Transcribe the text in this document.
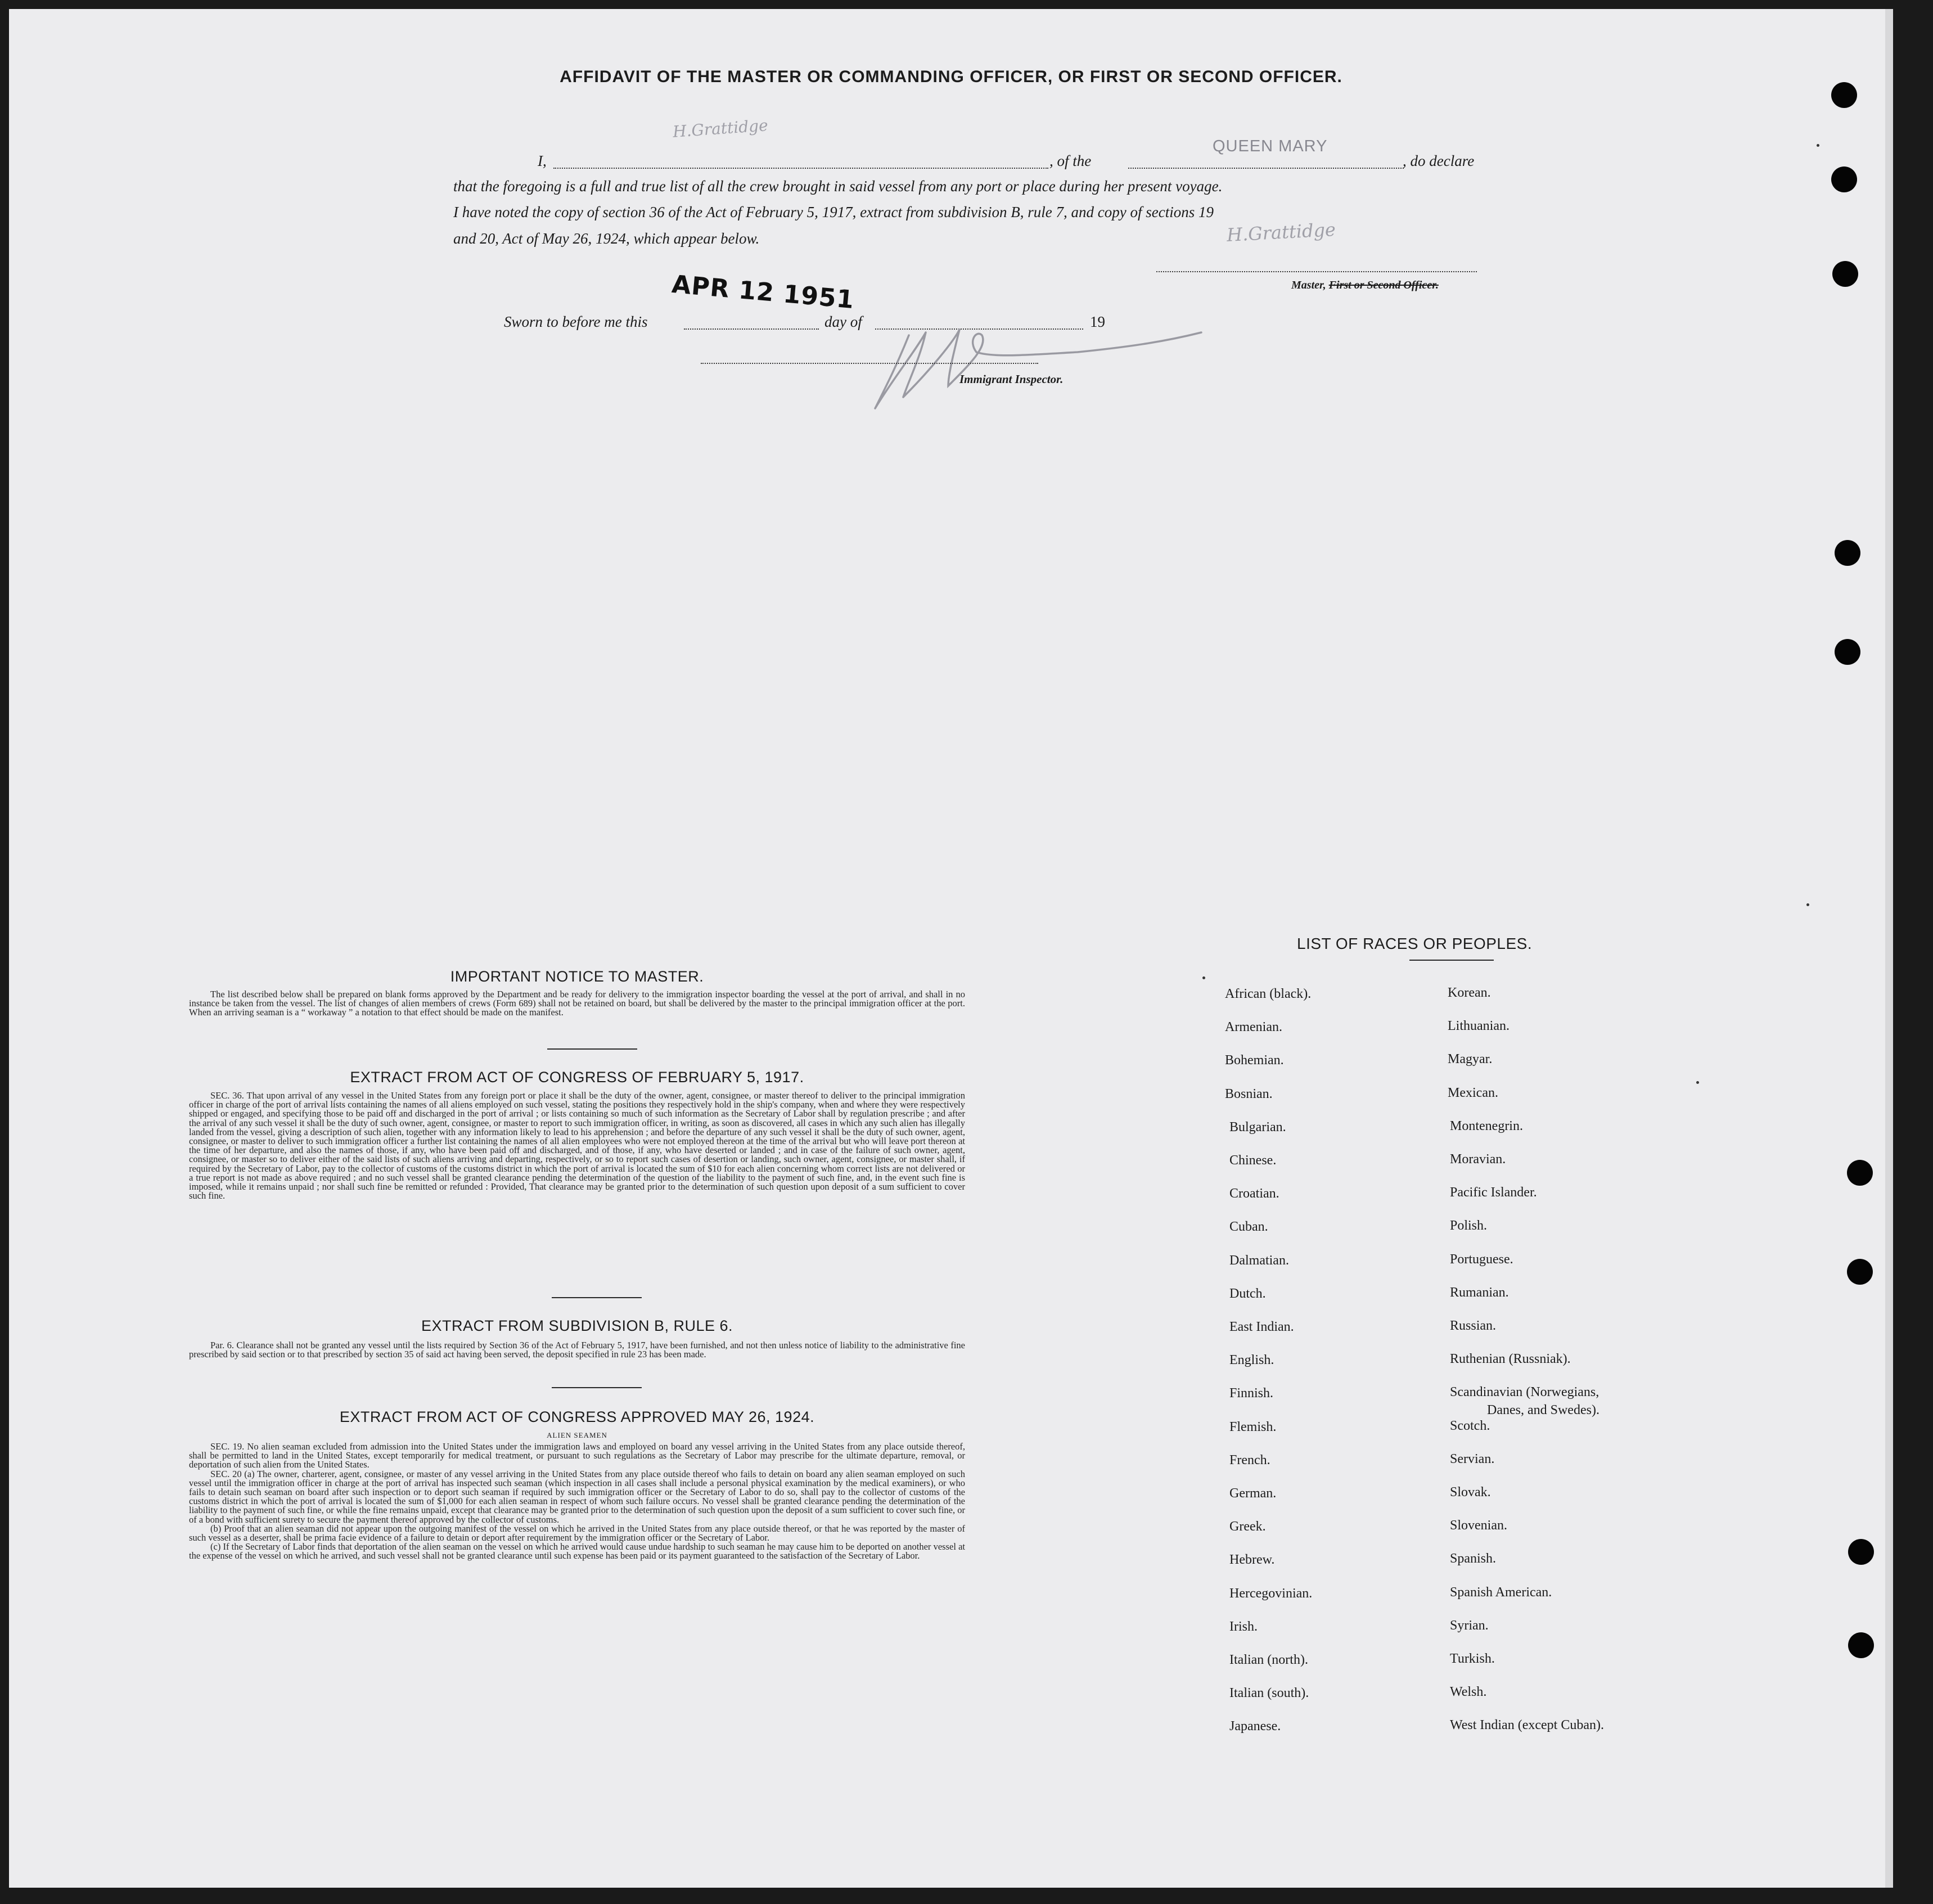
AFFIDAVIT OF THE MASTER OR COMMANDING OFFICER, OR FIRST OR SECOND OFFICER.
I,
H.Grattidge
, of the
QUEEN MARY
, do declare
that the foregoing is a full and true list of all the crew brought in said vessel from any port or place during her present voyage.
I have noted the copy of section 36 of the Act of February 5, 1917, extract from subdivision B, rule 7, and copy of sections 19
and 20, Act of May 26, 1924, which appear below.	H.Grattidge
Master, First or Second Officer.
Sworn to before me this
APR 12 1951
day of	19
Immigrant Inspector.
IMPORTANT NOTICE TO MASTER.

The list described below shall be prepared on blank forms approved by the Department and be ready for delivery to the immigration inspector boarding the vessel at the port of arrival, and shall in no instance be taken from the vessel. The list of changes of alien members of crews (Form 689) shall not be retained on board, but shall be delivered by the master to the principal immigration officer at the port. When an arriving seaman is a “ workaway ” a notation to that effect should be made on the manifest.

EXTRACT FROM ACT OF CONGRESS OF FEBRUARY 5, 1917.

SEC. 36. That upon arrival of any vessel in the United States from any foreign port or place it shall be the duty of the owner, agent, consignee, or master thereof to deliver to the principal immigration officer in charge of the port of arrival lists containing the names of all aliens employed on such vessel, stating the positions they respectively hold in the ship's company, when and where they were respectively shipped or engaged, and specifying those to be paid off and discharged in the port of arrival ; or lists containing so much of such information as the Secretary of Labor shall by regulation prescribe ; and after the arrival of any such vessel it shall be the duty of such owner, agent, consignee, or master to report to such immigration officer, in writing, as soon as discovered, all cases in which any such alien has illegally landed from the vessel, giving a description of such alien, together with any information likely to lead to his apprehension ; and before the departure of any such vessel it shall be the duty of such owner, agent, consignee, or master to deliver to such immigration officer a further list containing the names of all alien employees who were not employed thereon at the time of the arrival but who will leave port thereon at the time of her departure, and also the names of those, if any, who have been paid off and discharged, and of those, if any, who have deserted or landed ; and in case of the failure of such owner, agent, consignee, or master so to deliver either of the said lists of such aliens arriving and departing, respectively, or so to report such cases of desertion or landing, such owner, agent, consignee, or master shall, if required by the Secretary of Labor, pay to the collector of customs of the customs district in which the port of arrival is located the sum of $10 for each alien concerning whom correct lists are not delivered or a true report is not made as above required ; and no such vessel shall be granted clearance pending the determination of the question of the liability to the payment of such fine, and, in the event such fine is imposed, while it remains unpaid ; nor shall such fine be remitted or refunded : Provided, That clearance may be granted prior to the determination of such question upon deposit of a sum sufficient to cover such fine.

EXTRACT FROM SUBDIVISION B, RULE 6.

Par. 6. Clearance shall not be granted any vessel until the lists required by Section 36 of the Act of February 5, 1917, have been furnished, and not then unless notice of liability to the administrative fine prescribed by said section or to that prescribed by section 35 of said act having been served, the deposit specified in rule 23 has been made.

EXTRACT FROM ACT OF CONGRESS APPROVED MAY 26, 1924.
ALIEN SEAMEN

SEC. 19. No alien seaman excluded from admission into the United States under the immigration laws and employed on board any vessel arriving in the United States from any place outside thereof, shall be permitted to land in the United States, except temporarily for medical treatment, or pursuant to such regulations as the Secretary of Labor may prescribe for the ultimate departure, removal, or deportation of such alien from the United States.

SEC. 20 (a) The owner, charterer, agent, consignee, or master of any vessel arriving in the United States from any place outside thereof who fails to detain on board any alien seaman employed on such vessel until the immigration officer in charge at the port of arrival has inspected such seaman (which inspection in all cases shall include a personal physical examination by the medical examiners), or who fails to detain such seaman on board after such inspection or to deport such seaman if required by such immigration officer or the Secretary of Labor to do so, shall pay to the collector of customs of the customs district in which the port of arrival is located the sum of $1,000 for each alien seaman in respect of whom such failure occurs. No vessel shall be granted clearance pending the determination of the liability to the payment of such fine, or while the fine remains unpaid, except that clearance may be granted prior to the determination of such question upon the deposit of a sum sufficient to cover such fine, or of a bond with sufficient surety to secure the payment thereof approved by the collector of customs.

(b) Proof that an alien seaman did not appear upon the outgoing manifest of the vessel on which he arrived in the United States from any place outside thereof, or that he was reported by the master of such vessel as a deserter, shall be prima facie evidence of a failure to detain or deport after requirement by the immigration officer or the Secretary of Labor.

(c) If the Secretary of Labor finds that deportation of the alien seaman on the vessel on which he arrived would cause undue hardship to such seaman he may cause him to be deported on another vessel at the expense of the vessel on which he arrived, and such vessel shall not be granted clearance until such expense has been paid or its payment guaranteed to the satisfaction of the Secretary of Labor.

LIST OF RACES OR PEOPLES.
African (black).
Armenian.
Bohemian.
Bosnian.
Bulgarian.
Chinese.
Croatian.
Cuban.
Dalmatian.
Dutch.
East Indian.
English.
Finnish.
Flemish.
French.
German.
Greek.
Hebrew.
Hercegovinian.
Irish.
Italian (north).
Italian (south).
Japanese.
Korean.
Lithuanian.
Magyar.
Mexican.
Montenegrin.
Moravian.
Pacific Islander.
Polish.
Portuguese.
Rumanian.
Russian.
Ruthenian (Russniak).
Scandinavian (Norwegians,
Scotch.
Servian.
Slovak.
Slovenian.
Spanish.
Spanish American.
Syrian.
Turkish.
Welsh.
West Indian (except Cuban).
Danes, and Swedes).
